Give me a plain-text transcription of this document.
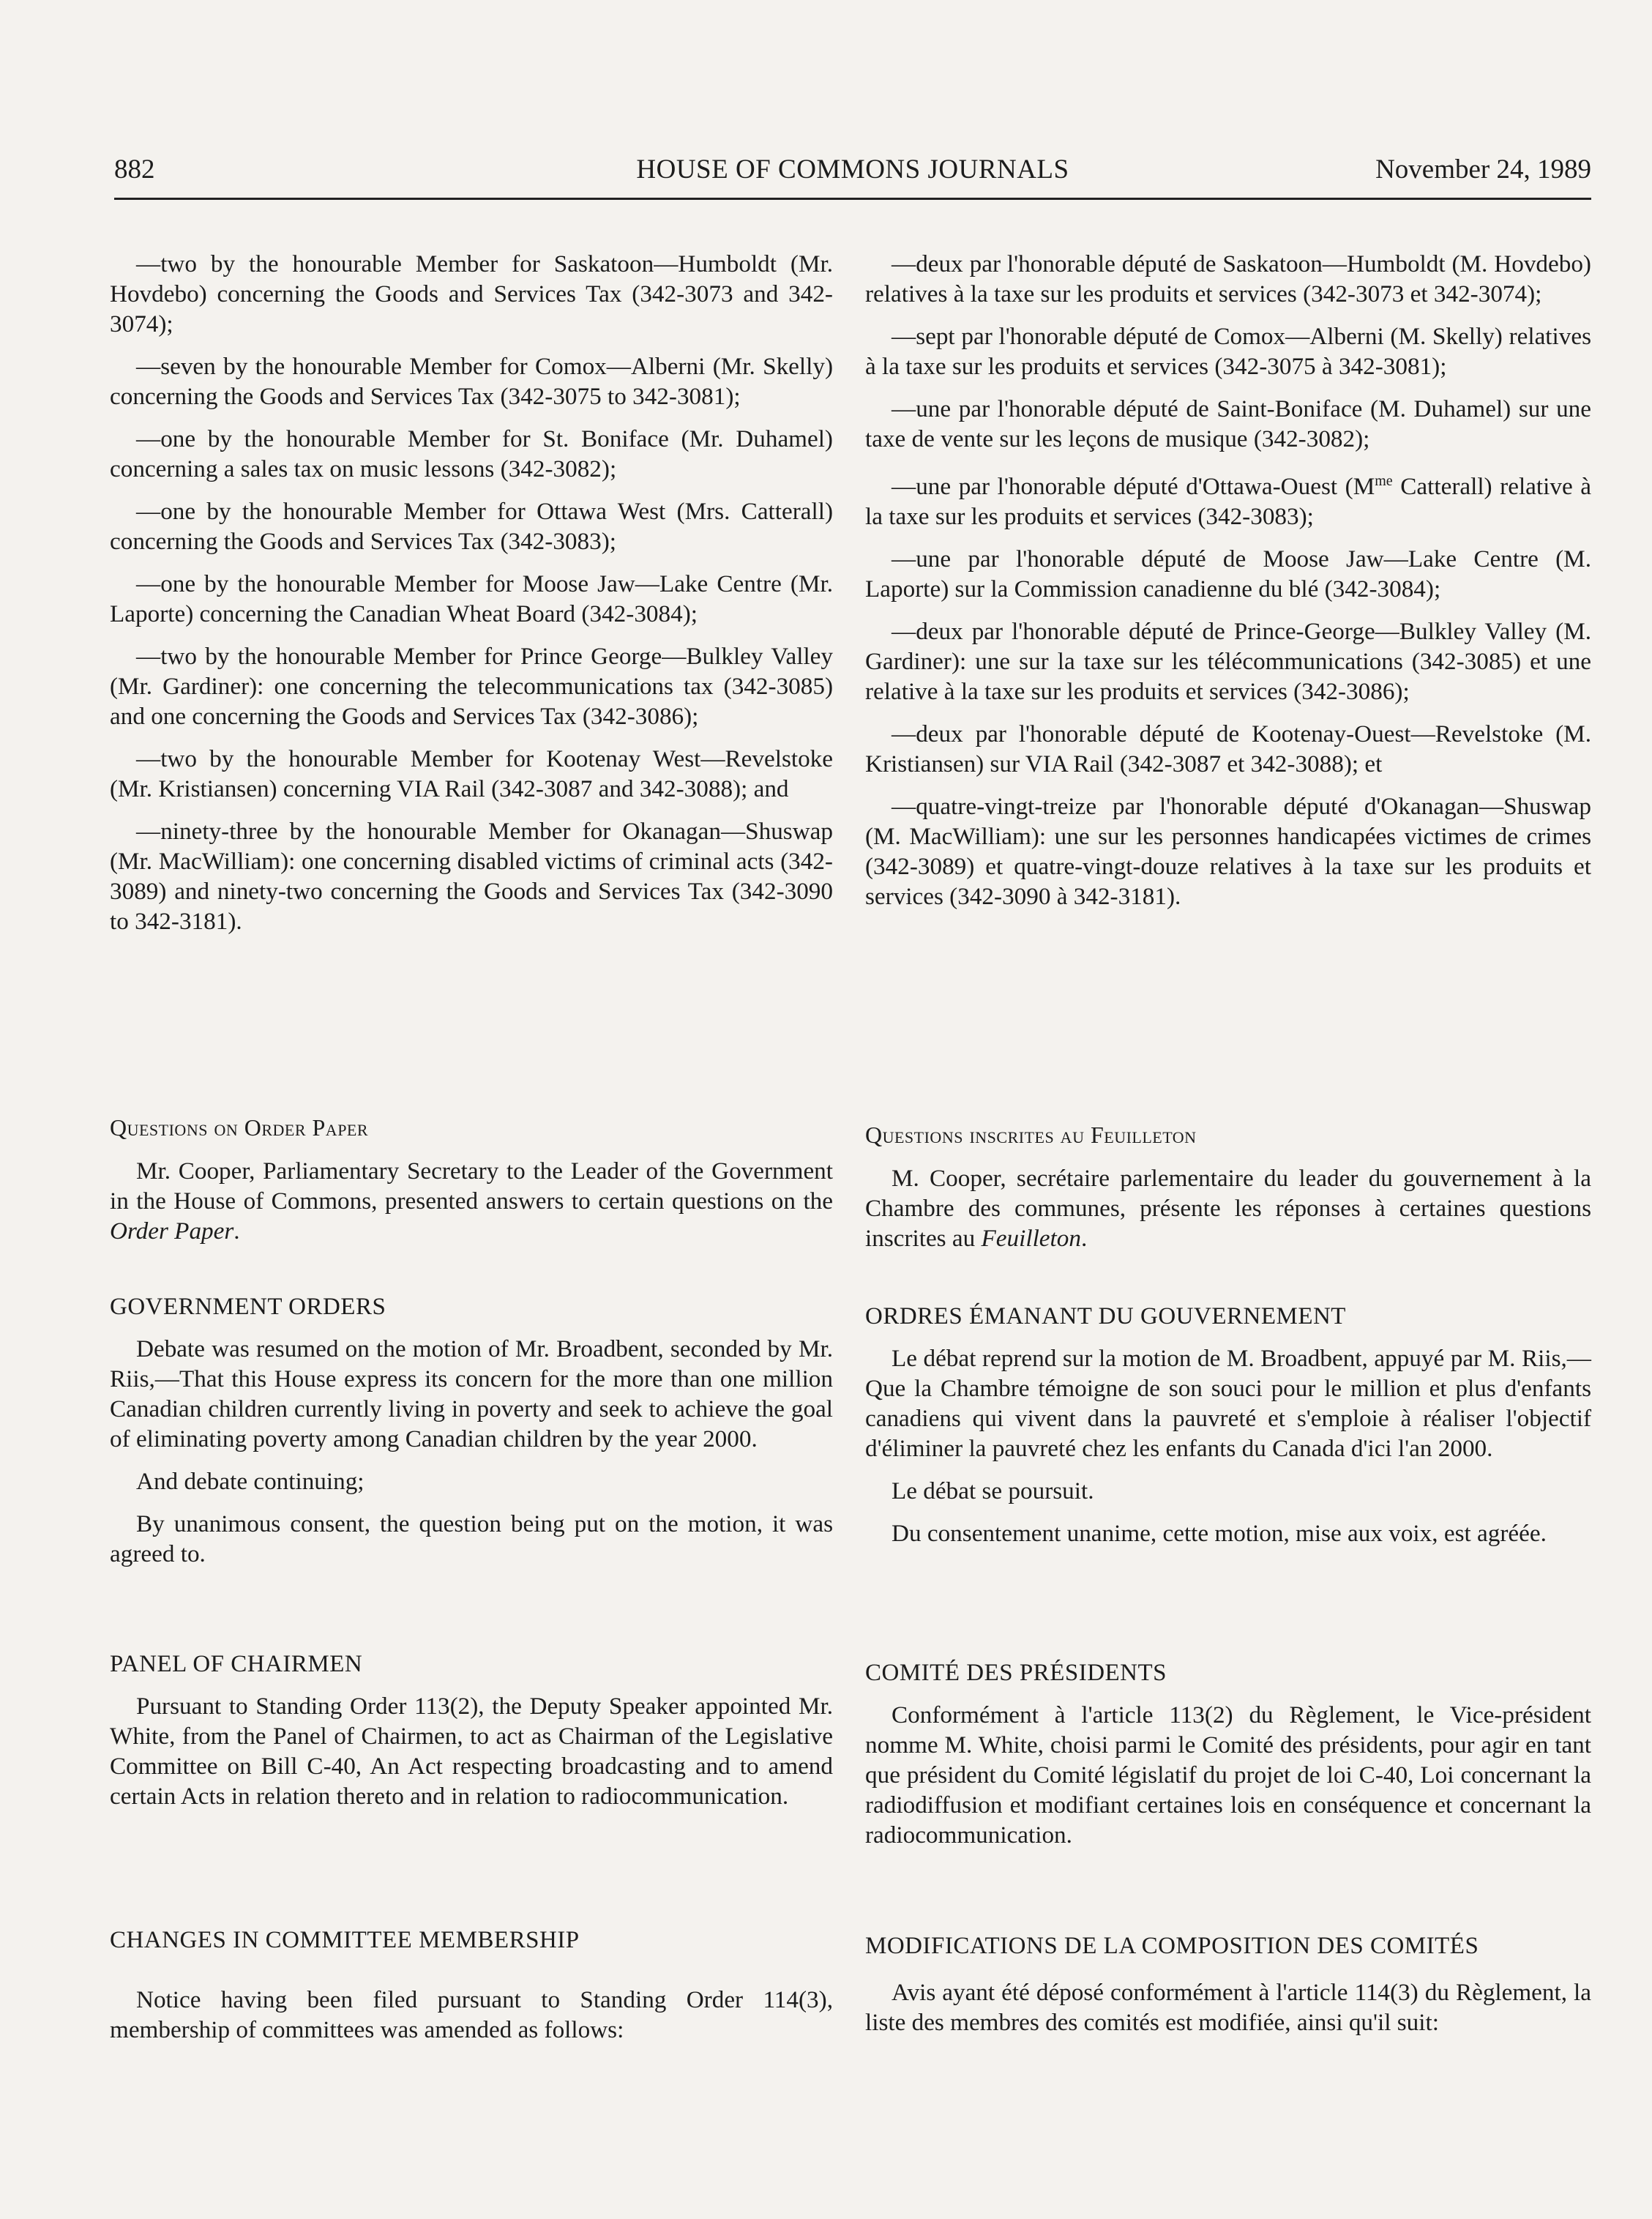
882	HOUSE OF COMMONS JOURNALS	November 24, 1989

—two by the honourable Member for Saskatoon—Humboldt (Mr. Hovdebo) concerning the Goods and Services Tax (342-3073 and 342-3074);

—seven by the honourable Member for Comox—Alberni (Mr. Skelly) concerning the Goods and Services Tax (342-3075 to 342-3081);

—one by the honourable Member for St. Boniface (Mr. Duhamel) concerning a sales tax on music lessons (342-3082);

—one by the honourable Member for Ottawa West (Mrs. Catterall) concerning the Goods and Services Tax (342-3083);

—one by the honourable Member for Moose Jaw—Lake Centre (Mr. Laporte) concerning the Canadian Wheat Board (342-3084);

—two by the honourable Member for Prince George—Bulkley Valley (Mr. Gardiner): one concerning the telecommunications tax (342-3085) and one concerning the Goods and Services Tax (342-3086);

—two by the honourable Member for Kootenay West—Revelstoke (Mr. Kristiansen) concerning VIA Rail (342-3087 and 342-3088); and

—ninety-three by the honourable Member for Okanagan—Shuswap (Mr. MacWilliam): one concerning disabled victims of criminal acts (342-3089) and ninety-two concerning the Goods and Services Tax (342-3090 to 342-3181).

Questions on Order Paper

Mr. Cooper, Parliamentary Secretary to the Leader of the Government in the House of Commons, presented answers to certain questions on the Order Paper.

GOVERNMENT ORDERS

Debate was resumed on the motion of Mr. Broadbent, seconded by Mr. Riis,—That this House express its concern for the more than one million Canadian children currently living in poverty and seek to achieve the goal of eliminating poverty among Canadian children by the year 2000.

And debate continuing;

By unanimous consent, the question being put on the motion, it was agreed to.

PANEL OF CHAIRMEN

Pursuant to Standing Order 113(2), the Deputy Speaker appointed Mr. White, from the Panel of Chairmen, to act as Chairman of the Legislative Committee on Bill C-40, An Act respecting broadcasting and to amend certain Acts in relation thereto and in relation to radiocommunication.

CHANGES IN COMMITTEE MEMBERSHIP

Notice having been filed pursuant to Standing Order 114(3), membership of committees was amended as follows:

—deux par l'honorable député de Saskatoon—Humboldt (M. Hovdebo) relatives à la taxe sur les produits et services (342-3073 et 342-3074);

—sept par l'honorable député de Comox—Alberni (M. Skelly) relatives à la taxe sur les produits et services (342-3075 à 342-3081);

—une par l'honorable député de Saint-Boniface (M. Duhamel) sur une taxe de vente sur les leçons de musique (342-3082);

—une par l'honorable député d'Ottawa-Ouest ($M^{me}$ Catterall) relative à la taxe sur les produits et services (342-3083);

—une par l'honorable député de Moose Jaw—Lake Centre (M. Laporte) sur la Commission canadienne du blé (342-3084);

—deux par l'honorable député de Prince-George—Bulkley Valley (M. Gardiner): une sur la taxe sur les télécommunications (342-3085) et une relative à la taxe sur les produits et services (342-3086);

—deux par l'honorable député de Kootenay-Ouest—Revelstoke (M. Kristiansen) sur VIA Rail (342-3087 et 342-3088); et

—quatre-vingt-treize par l'honorable député d'Okanagan—Shuswap (M. MacWilliam): une sur les personnes handicapées victimes de crimes (342-3089) et quatre-vingt-douze relatives à la taxe sur les produits et services (342-3090 à 342-3181).

Questions inscrites au Feuilleton

M. Cooper, secrétaire parlementaire du leader du gouvernement à la Chambre des communes, présente les réponses à certaines questions inscrites au Feuilleton.

ORDRES ÉMANANT DU GOUVERNEMENT

Le débat reprend sur la motion de M. Broadbent, appuyé par M. Riis,—Que la Chambre témoigne de son souci pour le million et plus d'enfants canadiens qui vivent dans la pauvreté et s'emploie à réaliser l'objectif d'éliminer la pauvreté chez les enfants du Canada d'ici l'an 2000.

Le débat se poursuit.

Du consentement unanime, cette motion, mise aux voix, est agréée.

COMITÉ DES PRÉSIDENTS

Conformément à l'article 113(2) du Règlement, le Vice-président nomme M. White, choisi parmi le Comité des présidents, pour agir en tant que président du Comité législatif du projet de loi C-40, Loi concernant la radiodiffusion et modifiant certaines lois en conséquence et concernant la radiocommunication.

MODIFICATIONS DE LA COMPOSITION DES COMITÉS

Avis ayant été déposé conformément à l'article 114(3) du Règlement, la liste des membres des comités est modifiée, ainsi qu'il suit:
